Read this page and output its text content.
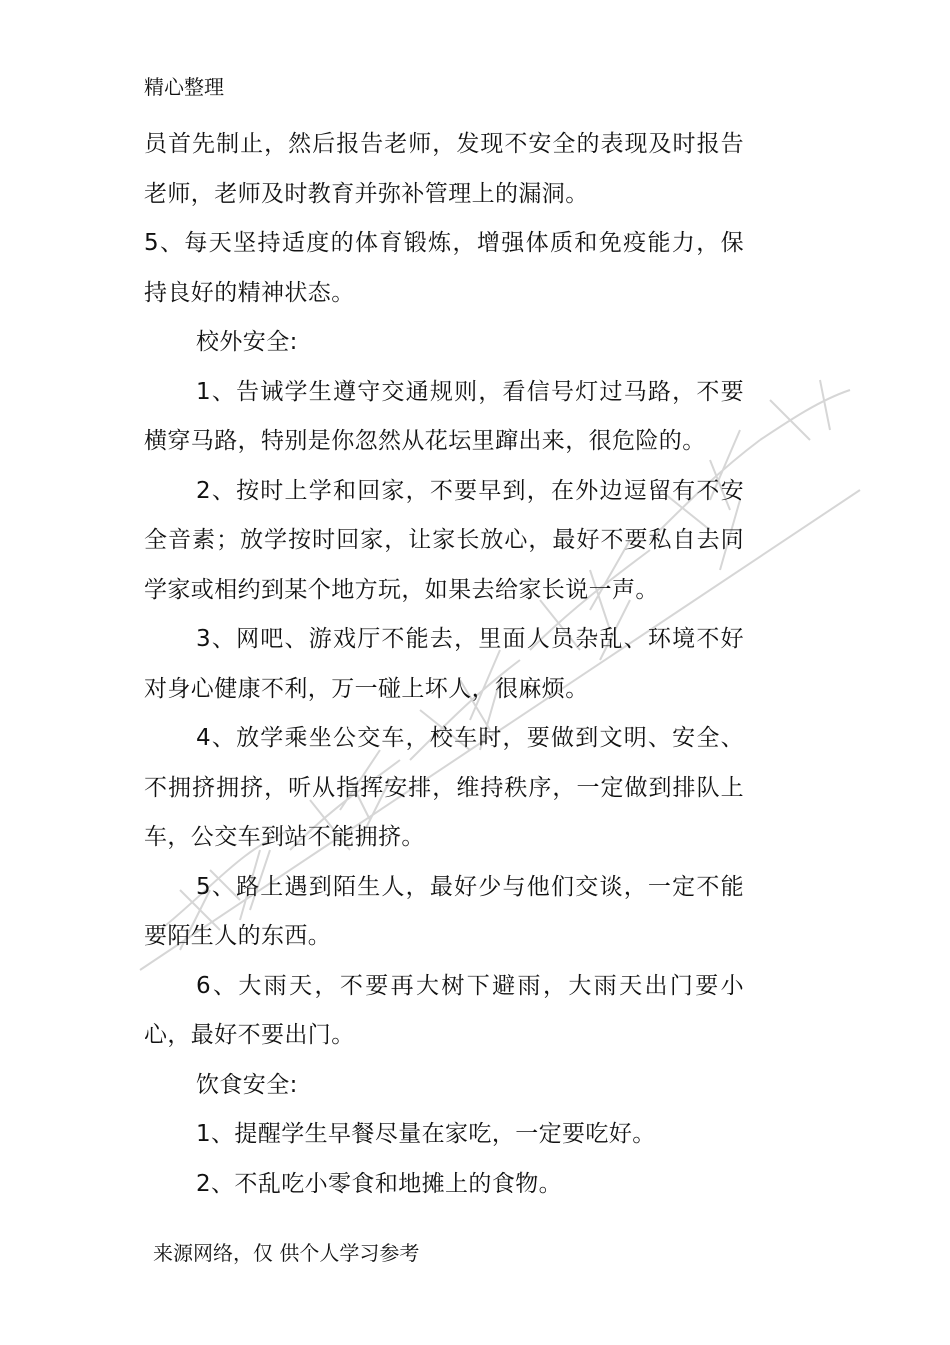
精心整理

员首先制止，然后报告老师，发现不安全的表现及时报告老师，老师及时教育并弥补管理上的漏洞。

5、每天坚持适度的体育锻炼，增强体质和免疫能力，保持良好的精神状态。

校外安全:

1、告诫学生遵守交通规则，看信号灯过马路，不要横穿马路，特别是你忽然从花坛里蹿出来，很危险的。

2、按时上学和回家，不要早到，在外边逗留有不安全音素；放学按时回家，让家长放心，最好不要私自去同学家或相约到某个地方玩，如果去给家长说一声。

3、网吧、游戏厅不能去，里面人员杂乱、环境不好对身心健康不利，万一碰上坏人，很麻烦。

4、放学乘坐公交车，校车时，要做到文明、安全、不拥挤拥挤，听从指挥安排，维持秩序，一定做到排队上车，公交车到站不能拥挤。

5、路上遇到陌生人，最好少与他们交谈，一定不能要陌生人的东西。

6、大雨天，不要再大树下避雨，大雨天出门要小心，最好不要出门。

饮食安全:

1、提醒学生早餐尽量在家吃，一定要吃好。

2、不乱吃小零食和地摊上的食物。

来源网络，仅 供个人学习参考
